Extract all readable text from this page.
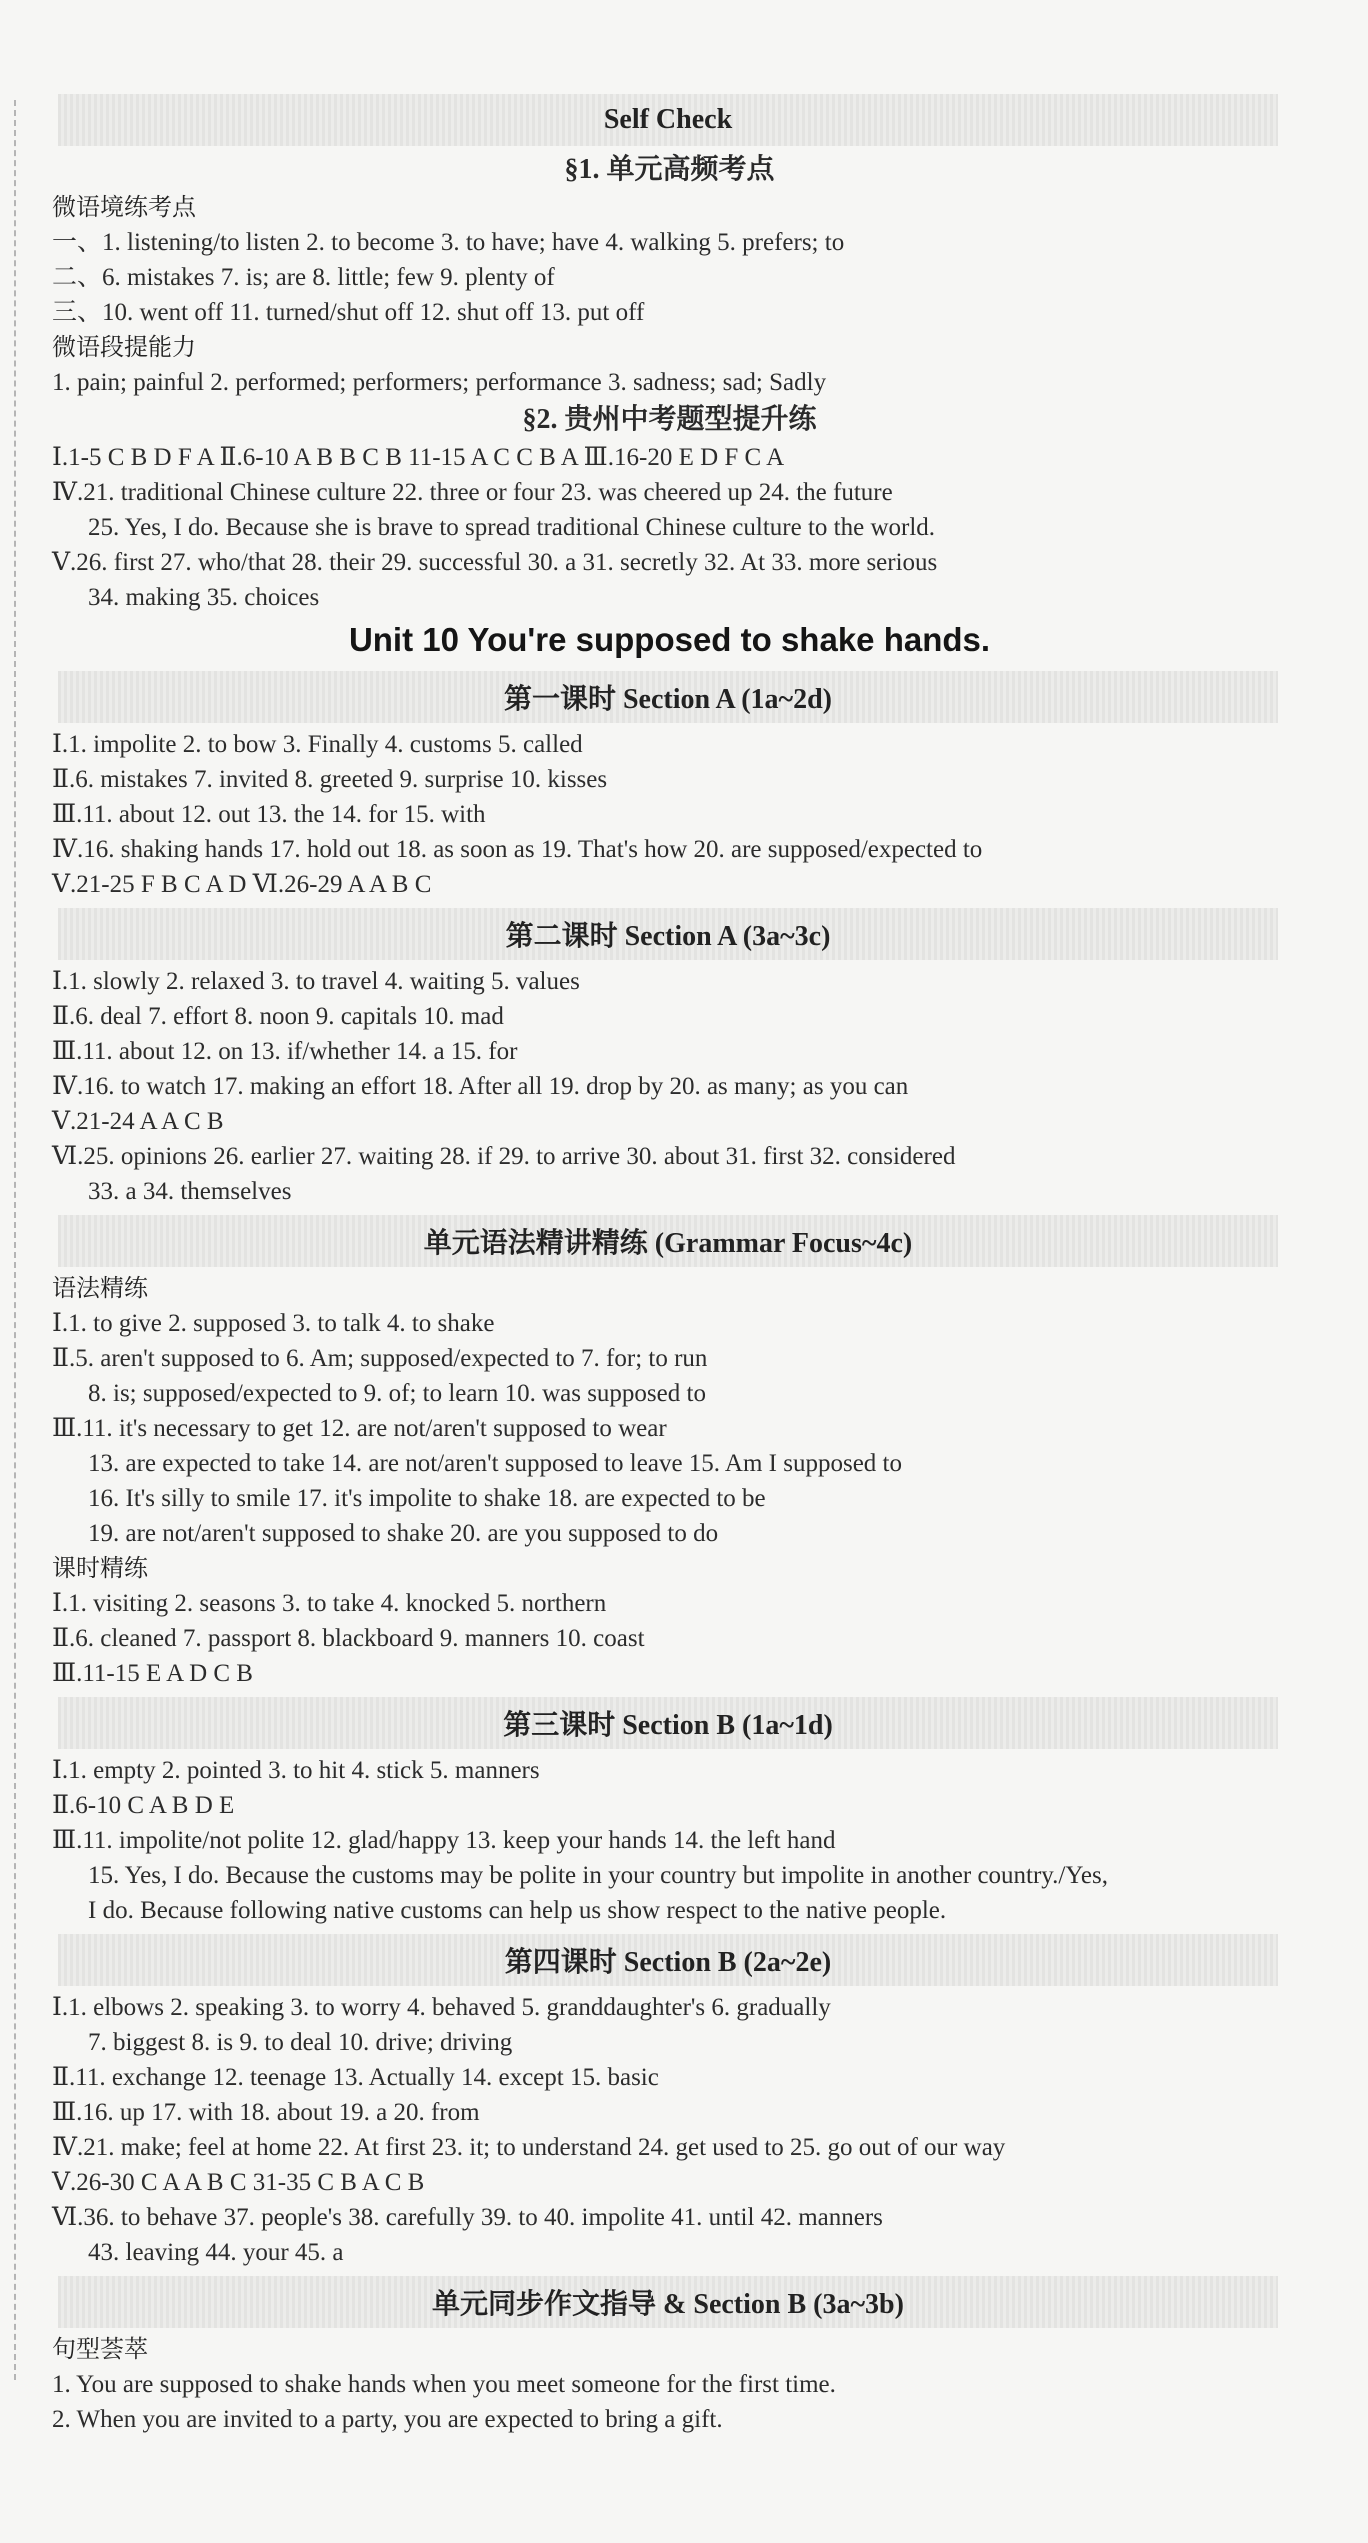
Self Check
§1. 单元高频考点
微语境练考点
一、1. listening/to listen 2. to become 3. to have; have 4. walking 5. prefers; to
二、6. mistakes 7. is; are 8. little; few 9. plenty of
三、10. went off 11. turned/shut off 12. shut off 13. put off
微语段提能力
1. pain; painful 2. performed; performers; performance 3. sadness; sad; Sadly
§2. 贵州中考题型提升练
Ⅰ.1-5 C B D F A Ⅱ.6-10 A B B C B 11-15 A C C B A Ⅲ.16-20 E D F C A
Ⅳ.21. traditional Chinese culture 22. three or four 23. was cheered up 24. the future
25. Yes, I do. Because she is brave to spread traditional Chinese culture to the world.
Ⅴ.26. first 27. who/that 28. their 29. successful 30. a 31. secretly 32. At 33. more serious
34. making 35. choices
Unit 10 You're supposed to shake hands.
第一课时 Section A (1a~2d)
Ⅰ.1. impolite 2. to bow 3. Finally 4. customs 5. called
Ⅱ.6. mistakes 7. invited 8. greeted 9. surprise 10. kisses
Ⅲ.11. about 12. out 13. the 14. for 15. with
Ⅳ.16. shaking hands 17. hold out 18. as soon as 19. That's how 20. are supposed/expected to
Ⅴ.21-25 F B C A D Ⅵ.26-29 A A B C
第二课时 Section A (3a~3c)
Ⅰ.1. slowly 2. relaxed 3. to travel 4. waiting 5. values
Ⅱ.6. deal 7. effort 8. noon 9. capitals 10. mad
Ⅲ.11. about 12. on 13. if/whether 14. a 15. for
Ⅳ.16. to watch 17. making an effort 18. After all 19. drop by 20. as many; as you can
Ⅴ.21-24 A A C B
Ⅵ.25. opinions 26. earlier 27. waiting 28. if 29. to arrive 30. about 31. first 32. considered
33. a 34. themselves
单元语法精讲精练 (Grammar Focus~4c)
语法精练
Ⅰ.1. to give 2. supposed 3. to talk 4. to shake
Ⅱ.5. aren't supposed to 6. Am; supposed/expected to 7. for; to run
8. is; supposed/expected to 9. of; to learn 10. was supposed to
Ⅲ.11. it's necessary to get 12. are not/aren't supposed to wear
13. are expected to take 14. are not/aren't supposed to leave 15. Am I supposed to
16. It's silly to smile 17. it's impolite to shake 18. are expected to be
19. are not/aren't supposed to shake 20. are you supposed to do
课时精练
Ⅰ.1. visiting 2. seasons 3. to take 4. knocked 5. northern
Ⅱ.6. cleaned 7. passport 8. blackboard 9. manners 10. coast
Ⅲ.11-15 E A D C B
第三课时 Section B (1a~1d)
Ⅰ.1. empty 2. pointed 3. to hit 4. stick 5. manners
Ⅱ.6-10 C A B D E
Ⅲ.11. impolite/not polite 12. glad/happy 13. keep your hands 14. the left hand
15. Yes, I do. Because the customs may be polite in your country but impolite in another country./Yes,
I do. Because following native customs can help us show respect to the native people.
第四课时 Section B (2a~2e)
Ⅰ.1. elbows 2. speaking 3. to worry 4. behaved 5. granddaughter's 6. gradually
7. biggest 8. is 9. to deal 10. drive; driving
Ⅱ.11. exchange 12. teenage 13. Actually 14. except 15. basic
Ⅲ.16. up 17. with 18. about 19. a 20. from
Ⅳ.21. make; feel at home 22. At first 23. it; to understand 24. get used to 25. go out of our way
Ⅴ.26-30 C A A B C 31-35 C B A C B
Ⅵ.36. to behave 37. people's 38. carefully 39. to 40. impolite 41. until 42. manners
43. leaving 44. your 45. a
单元同步作文指导 & Section B (3a~3b)
句型荟萃
1. You are supposed to shake hands when you meet someone for the first time.
2. When you are invited to a party, you are expected to bring a gift.
